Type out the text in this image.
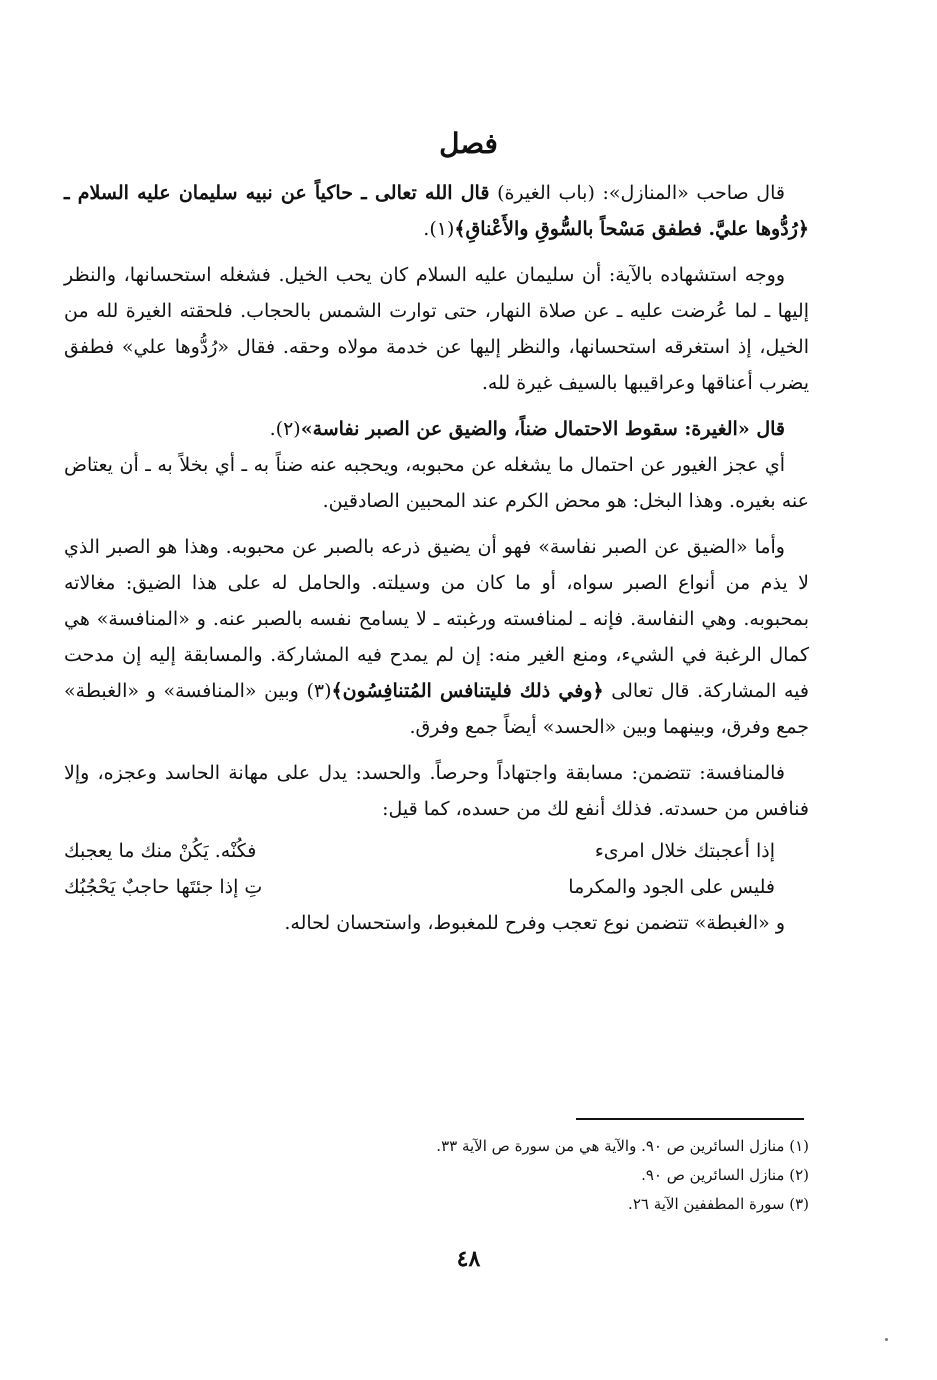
فصل

قال صاحب «المنازل»: (باب الغيرة) قال الله تعالى ـ حاكياً عن نبيه سليمان عليه السلام ـ ﴿رُدُّوها عليَّ. فطفق مَسْحاً بالسُّوقِ والأَعْناقِ﴾(١).

ووجه استشهاده بالآية: أن سليمان عليه السلام كان يحب الخيل. فشغله استحسانها، والنظر إليها ـ لما عُرضت عليه ـ عن صلاة النهار، حتى توارت الشمس بالحجاب. فلحقته الغيرة لله من الخيل، إذ استغرقه استحسانها، والنظر إليها عن خدمة مولاه وحقه. فقال «رُدُّوها علي» فطفق يضرب أعناقها وعراقيبها بالسيف غيرة لله.

قال «الغيرة: سقوط الاحتمال ضناً، والضيق عن الصبر نفاسة»(٢).

أي عجز الغيور عن احتمال ما يشغله عن محبوبه، ويحجبه عنه ضناً به ـ أي بخلاً به ـ أن يعتاض عنه بغيره. وهذا البخل: هو محض الكرم عند المحبين الصادقين.

وأما «الضيق عن الصبر نفاسة» فهو أن يضيق ذرعه بالصبر عن محبوبه. وهذا هو الصبر الذي لا يذم من أنواع الصبر سواه، أو ما كان من وسيلته. والحامل له على هذا الضيق: مغالاته بمحبوبه. وهي النفاسة. فإنه ـ لمنافسته ورغبته ـ لا يسامح نفسه بالصبر عنه. و «المنافسة» هي كمال الرغبة في الشيء، ومنع الغير منه: إن لم يمدح فيه المشاركة. والمسابقة إليه إن مدحت فيه المشاركة. قال تعالى ﴿وفي ذلك فليتنافس المُتنافِسُون﴾(٣) وبين «المنافسة» و «الغبطة» جمع وفرق، وبينهما وبين «الحسد» أيضاً جمع وفرق.

فالمنافسة: تتضمن: مسابقة واجتهاداً وحرصاً. والحسد: يدل على مهانة الحاسد وعجزه، وإلا فنافس من حسدته. فذلك أنفع لك من حسده، كما قيل:

إذا أعجبتك خلال امرىء
فكُنْه. يَكُنْ منك ما يعجبك
فليس على الجود والمكرما
تِ إذا جئتَها حاجبٌ يَحْجُبُك

و «الغبطة» تتضمن نوع تعجب وفرح للمغبوط، واستحسان لحاله.

(١) منازل السائرين ص ٩٠. والآية هي من سورة ص الآية ٣٣.

(٢) منازل السائرين ص ٩٠.

(٣) سورة المطففين الآية ٢٦.

٤٨
